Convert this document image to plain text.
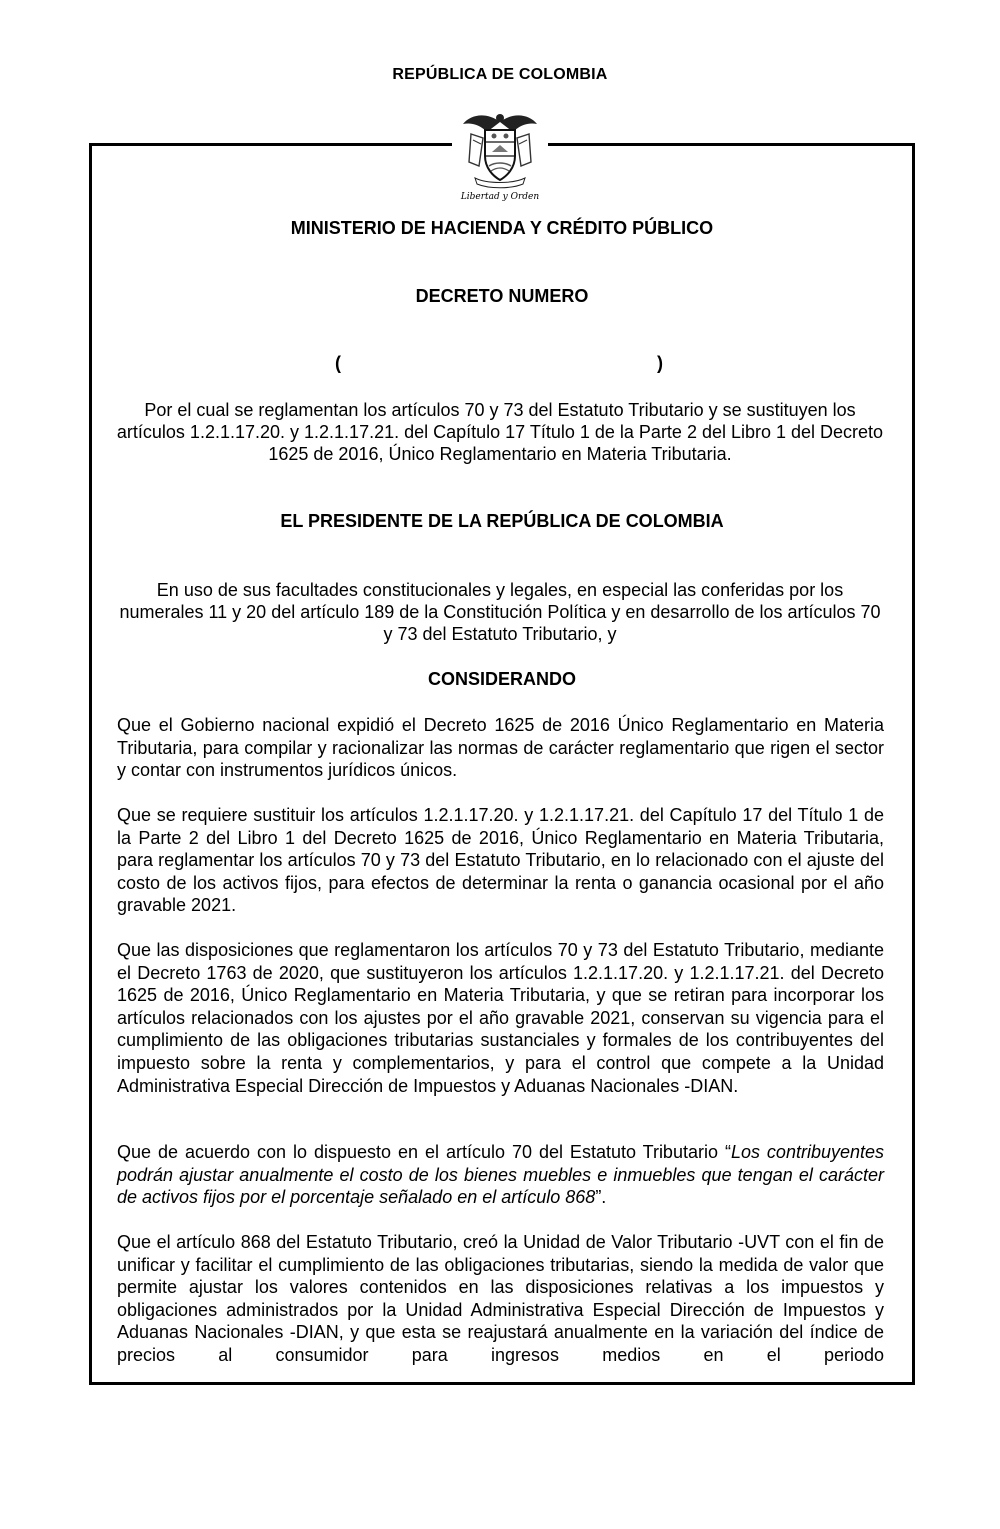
REPÚBLICA DE COLOMBIA
Libertad y Orden
MINISTERIO DE HACIENDA Y CRÉDITO PÚBLICO
DECRETO NUMERO
(	)
Por el cual se reglamentan los artículos 70 y 73 del Estatuto Tributario y se sustituyen los artículos 1.2.1.17.20. y 1.2.1.17.21. del Capítulo 17 Título 1 de la Parte 2 del Libro 1 del Decreto 1625 de 2016, Único Reglamentario en Materia Tributaria.
EL PRESIDENTE DE LA REPÚBLICA DE COLOMBIA
En uso de sus facultades constitucionales y legales, en especial las conferidas por los numerales 11 y 20 del artículo 189 de la Constitución Política y en desarrollo de los artículos 70 y 73 del Estatuto Tributario, y
CONSIDERANDO
Que el Gobierno nacional expidió el Decreto 1625 de 2016 Único Reglamentario en Materia Tributaria, para compilar y racionalizar las normas de carácter reglamentario que rigen el sector y contar con instrumentos jurídicos únicos.
Que se requiere sustituir los artículos 1.2.1.17.20. y 1.2.1.17.21. del Capítulo 17 del Título 1 de la Parte 2 del Libro 1 del Decreto 1625 de 2016, Único Reglamentario en Materia Tributaria, para reglamentar los artículos 70 y 73 del Estatuto Tributario, en lo relacionado con el ajuste del costo de los activos fijos, para efectos de determinar la renta o ganancia ocasional por el año gravable 2021.
Que las disposiciones que reglamentaron los artículos 70 y 73 del Estatuto Tributario, mediante el Decreto 1763 de 2020, que sustituyeron los artículos 1.2.1.17.20. y 1.2.1.17.21. del Decreto 1625 de 2016, Único Reglamentario en Materia Tributaria, y que se retiran para incorporar los artículos relacionados con los ajustes por el año gravable 2021, conservan su vigencia para el cumplimiento de las obligaciones tributarias sustanciales y formales de los contribuyentes del impuesto sobre la renta y complementarios, y para el control que compete a la Unidad Administrativa Especial Dirección de Impuestos y Aduanas Nacionales -DIAN.
Que de acuerdo con lo dispuesto en el artículo 70 del Estatuto Tributario “Los contribuyentes podrán ajustar anualmente el costo de los bienes muebles e inmuebles que tengan el carácter de activos fijos por el porcentaje señalado en el artículo 868”.
Que el artículo 868 del Estatuto Tributario, creó la Unidad de Valor Tributario -UVT con el fin de unificar y facilitar el cumplimiento de las obligaciones tributarias, siendo la medida de valor que permite ajustar los valores contenidos en las disposiciones relativas a los impuestos y obligaciones administrados por la Unidad Administrativa Especial Dirección de Impuestos y Aduanas Nacionales -DIAN, y que esta se reajustará anualmente en la variación del índice de precios al consumidor para ingresos medios en el periodo
